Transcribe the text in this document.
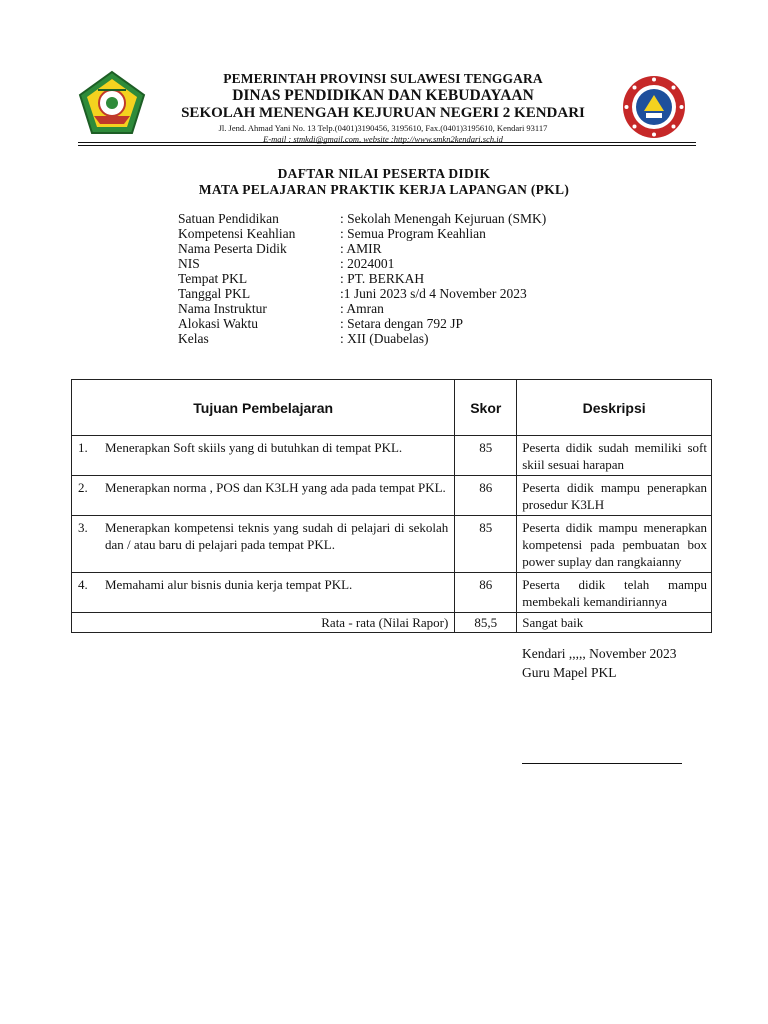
PEMERINTAH PROVINSI SULAWESI TENGGARA
DINAS PENDIDIKAN DAN KEBUDAYAAN
SEKOLAH MENENGAH KEJURUAN NEGERI 2 KENDARI
Jl. Jend. Ahmad Yani No. 13 Telp.(0401)3190456, 3195610, Fax.(0401)3195610, Kendari 93117
E-mail : stmkdi@gmail.com, website :http://www.smkn2kendari.sch.id
DAFTAR NILAI PESERTA DIDIK
MATA PELAJARAN PRAKTIK KERJA LAPANGAN (PKL)
Satuan Pendidikan	: Sekolah Menengah Kejuruan (SMK)
Kompetensi Keahlian	: Semua Program Keahlian
Nama Peserta Didik	: AMIR
NIS	: 2024001
Tempat PKL	: PT. BERKAH
Tanggal PKL	:1 Juni 2023 s/d 4 November 2023
Nama Instruktur	: Amran
Alokasi Waktu	: Setara dengan 792 JP
Kelas	: XII (Duabelas)
Tujuan Pembelajaran	Skor	Deskripsi

1. Menerapkan Soft skiils yang di butuhkan di tempat PKL.	85	Peserta didik sudah memiliki soft skiil sesuai harapan

2. Menerapkan norma , POS dan K3LH yang ada pada tempat PKL.	86	Peserta didik mampu penerapkan prosedur K3LH

3. Menerapkan kompetensi teknis yang sudah di pelajari di sekolah dan / atau baru di pelajari pada tempat PKL.	85	Peserta didik mampu menerapkan kompetensi pada pembuatan box power suplay dan rangkaianny

4. Memahami alur bisnis dunia kerja tempat PKL.	86	Peserta didik telah mampu membekali kemandiriannya
Rata - rata (Nilai Rapor)	85,5	Sangat baik
Kendari ,,,,, November 2023
Guru Mapel PKL
